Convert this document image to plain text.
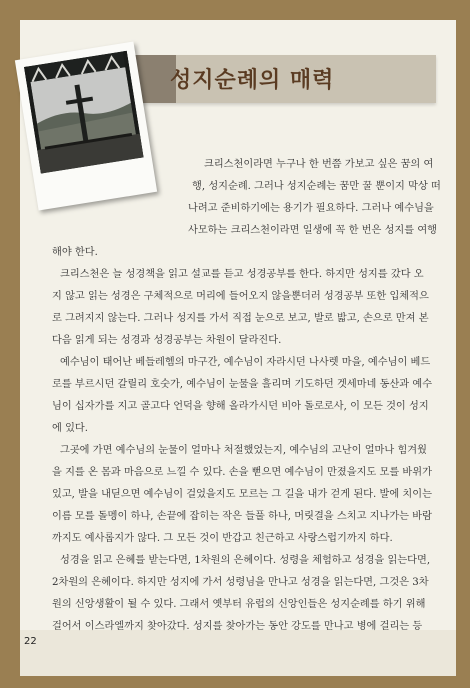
성지순례의 매력
크리스천이라면 누구나 한 번쯤 가보고 싶은 꿈의 여
행, 성지순례. 그러나 성지순례는 꿈만 꿀 뿐이지 막상 떠
나려고 준비하기에는 용기가 필요하다. 그러나 예수님을
사모하는 크리스천이라면 일생에 꼭 한 번은 성지를 여행
해야 한다.
크리스천은 늘 성경책을 읽고 설교를 듣고 성경공부를 한다. 하지만 성지를 갔다 오
지 않고 읽는 성경은 구체적으로 머리에 들어오지 않을뿐더러 성경공부 또한 입체적으
로 그려지지 않는다. 그러나 성지를 가서 직접 눈으로 보고, 발로 밟고, 손으로 만져 본
다음 읽게 되는 성경과 성경공부는 차원이 달라진다.
예수님이 태어난 베들레헴의 마구간, 예수님이 자라시던 나사렛 마을, 예수님이 베드
로를 부르시던 갈릴리 호숫가, 예수님이 눈물을 흘리며 기도하던 겟세마네 동산과 예수
님이 십자가를 지고 골고다 언덕을 향해 올라가시던 비아 돌로로사, 이 모든 것이 성지
에 있다.
그곳에 가면 예수님의 눈물이 얼마나 처절했었는지, 예수님의 고난이 얼마나 힘겨웠
을 지를 온 몸과 마음으로 느낄 수 있다. 손을 뻗으면 예수님이 만졌을지도 모를 바위가
있고, 발을 내딛으면 예수님이 걸었을지도 모르는 그 길을 내가 걷게 된다. 발에 치이는
이름 모를 돌멩이 하나, 손끝에 잡히는 작은 들풀 하나, 머릿결을 스치고 지나가는 바람
까지도 예사롭지가 않다. 그 모든 것이 반갑고 친근하고 사랑스럽기까지 하다.
성경을 읽고 은혜를 받는다면, 1차원의 은혜이다. 성령을 체험하고 성경을 읽는다면,
2차원의 은혜이다. 하지만 성지에 가서 성령님을 만나고 성경을 읽는다면, 그것은 3차
원의 신앙생활이 될 수 있다. 그래서 옛부터 유럽의 신앙인들은 성지순례를 하기 위해
걸어서 이스라엘까지 찾아갔다. 성지를 찾아가는 동안 강도를 만나고 병에 걸리는 등
22
